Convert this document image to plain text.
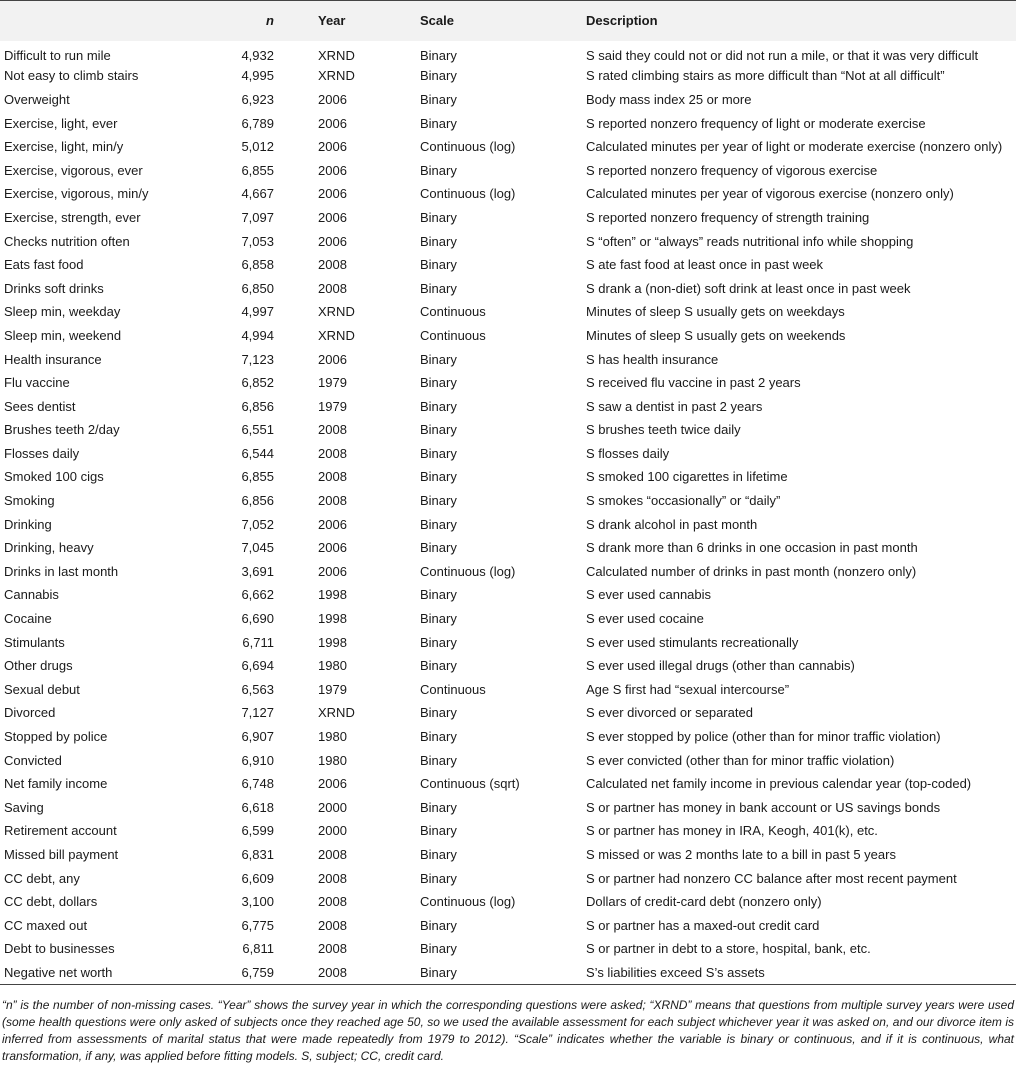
	n		Year	Scale	Description
Difficult to run mile	4,932		XRND	Binary	S said they could not or did not run a mile, or that it was very difficult
Not easy to climb stairs	4,995		XRND	Binary	S rated climbing stairs as more difficult than “Not at all difficult”
Overweight	6,923		2006	Binary	Body mass index 25 or more
Exercise, light, ever	6,789		2006	Binary	S reported nonzero frequency of light or moderate exercise
Exercise, light, min/y	5,012		2006	Continuous (log)	Calculated minutes per year of light or moderate exercise (nonzero only)
Exercise, vigorous, ever	6,855		2006	Binary	S reported nonzero frequency of vigorous exercise
Exercise, vigorous, min/y	4,667		2006	Continuous (log)	Calculated minutes per year of vigorous exercise (nonzero only)
Exercise, strength, ever	7,097		2006	Binary	S reported nonzero frequency of strength training
Checks nutrition often	7,053		2006	Binary	S “often” or “always” reads nutritional info while shopping
Eats fast food	6,858		2008	Binary	S ate fast food at least once in past week
Drinks soft drinks	6,850		2008	Binary	S drank a (non-diet) soft drink at least once in past week
Sleep min, weekday	4,997		XRND	Continuous	Minutes of sleep S usually gets on weekdays
Sleep min, weekend	4,994		XRND	Continuous	Minutes of sleep S usually gets on weekends
Health insurance	7,123		2006	Binary	S has health insurance
Flu vaccine	6,852		1979	Binary	S received flu vaccine in past 2 years
Sees dentist	6,856		1979	Binary	S saw a dentist in past 2 years
Brushes teeth 2/day	6,551		2008	Binary	S brushes teeth twice daily
Flosses daily	6,544		2008	Binary	S flosses daily
Smoked 100 cigs	6,855		2008	Binary	S smoked 100 cigarettes in lifetime
Smoking	6,856		2008	Binary	S smokes “occasionally” or “daily”
Drinking	7,052		2006	Binary	S drank alcohol in past month
Drinking, heavy	7,045		2006	Binary	S drank more than 6 drinks in one occasion in past month
Drinks in last month	3,691		2006	Continuous (log)	Calculated number of drinks in past month (nonzero only)
Cannabis	6,662		1998	Binary	S ever used cannabis
Cocaine	6,690		1998	Binary	S ever used cocaine
Stimulants	6,711		1998	Binary	S ever used stimulants recreationally
Other drugs	6,694		1980	Binary	S ever used illegal drugs (other than cannabis)
Sexual debut	6,563		1979	Continuous	Age S first had “sexual intercourse”
Divorced	7,127		XRND	Binary	S ever divorced or separated
Stopped by police	6,907		1980	Binary	S ever stopped by police (other than for minor traffic violation)
Convicted	6,910		1980	Binary	S ever convicted (other than for minor traffic violation)
Net family income	6,748		2006	Continuous (sqrt)	Calculated net family income in previous calendar year (top-coded)
Saving	6,618		2000	Binary	S or partner has money in bank account or US savings bonds
Retirement account	6,599		2000	Binary	S or partner has money in IRA, Keogh, 401(k), etc.
Missed bill payment	6,831		2008	Binary	S missed or was 2 months late to a bill in past 5 years
CC debt, any	6,609		2008	Binary	S or partner had nonzero CC balance after most recent payment
CC debt, dollars	3,100		2008	Continuous (log)	Dollars of credit-card debt (nonzero only)
CC maxed out	6,775		2008	Binary	S or partner has a maxed-out credit card
Debt to businesses	6,811		2008	Binary	S or partner in debt to a store, hospital, bank, etc.
Negative net worth	6,759		2008	Binary	S’s liabilities exceed S’s assets
“n” is the number of non-missing cases. “Year” shows the survey year in which the corresponding questions were asked; “XRND” means that questions from multiple survey years were used (some health questions were only asked of subjects once they reached age 50, so we used the available assessment for each subject whichever year it was asked on, and our divorce item is inferred from assessments of marital status that were made repeatedly from 1979 to 2012). “Scale” indicates whether the variable is binary or continuous, and if it is continuous, what transformation, if any, was applied before fitting models. S, subject; CC, credit card.
